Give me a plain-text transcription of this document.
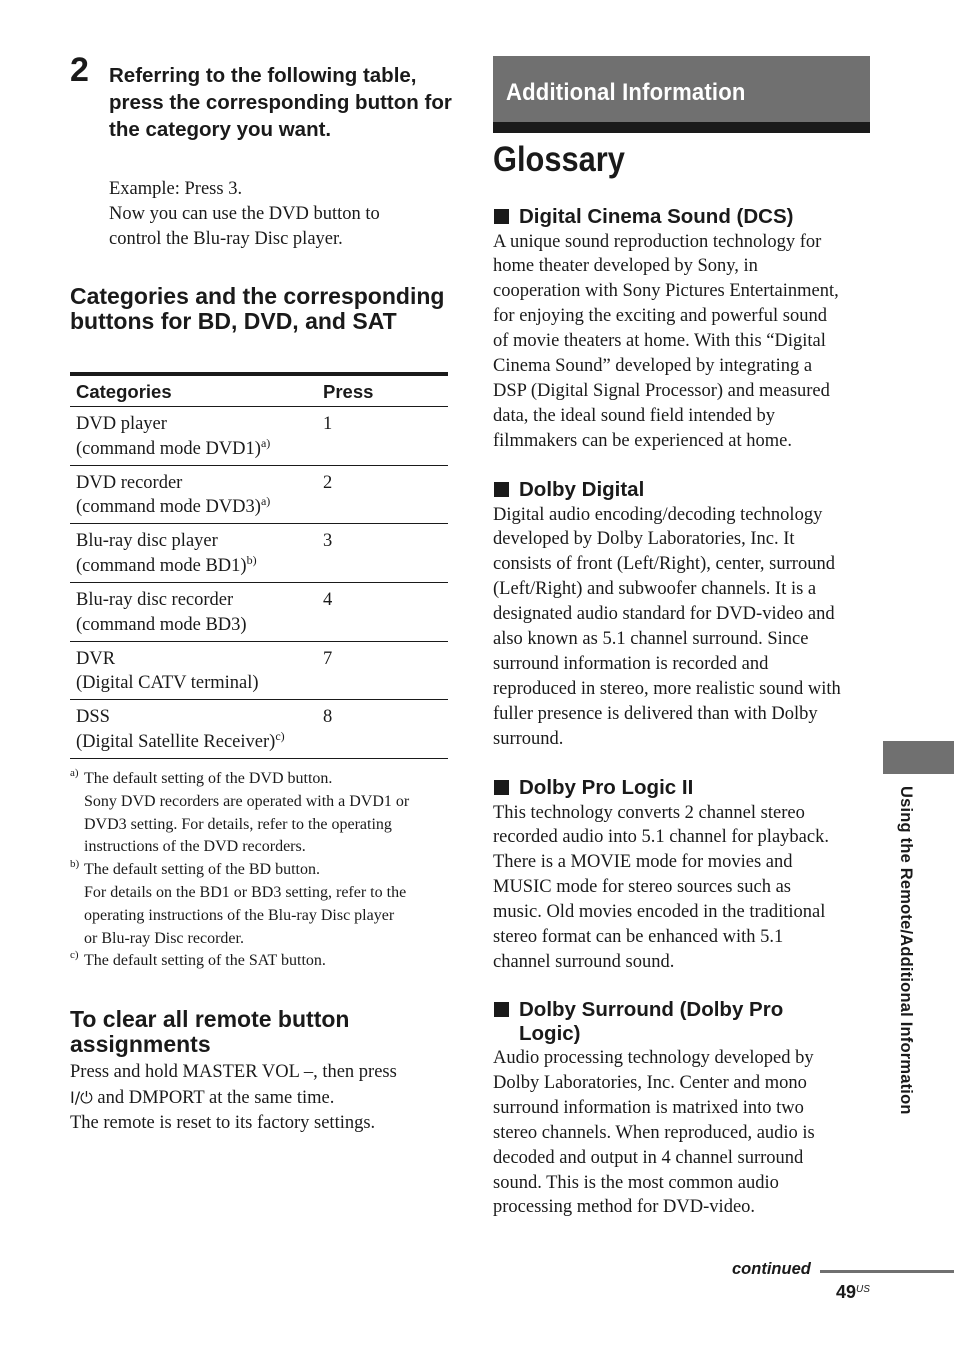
2 Referring to the following table, press the corresponding button for the category you want.
Example: Press 3.
Now you can use the DVD button to
control the Blu-ray Disc player.
Categories and the corresponding buttons for BD, DVD, and SAT
Categories	Press
DVD player
(command mode DVD1)$^{a)}$
1
DVD recorder
(command mode DVD3)$^{a)}$
2
Blu-ray disc player
(command mode BD1)$^{b)}$
3
Blu-ray disc recorder
(command mode BD3)
4
DVR
(Digital CATV terminal)
7
DSS
(Digital Satellite Receiver)$^{c)}$
8
a) The default setting of the DVD button.
Sony DVD recorders are operated with a DVD1 or
DVD3 setting. For details, refer to the operating
instructions of the DVD recorders.
b) The default setting of the BD button.
For details on the BD1 or BD3 setting, refer to the
operating instructions of the Blu-ray Disc player
or Blu-ray Disc recorder.
c) The default setting of the SAT button.
To clear all remote button assignments
Press and hold MASTER VOL –, then press
I/⏻ and DMPORT at the same time.
The remote is reset to its factory settings.
Additional Information
Glossary
Digital Cinema Sound (DCS)
A unique sound reproduction technology for
home theater developed by Sony, in
cooperation with Sony Pictures Entertainment,
for enjoying the exciting and powerful sound
of movie theaters at home. With this “Digital
Cinema Sound” developed by integrating a
DSP (Digital Signal Processor) and measured
data, the ideal sound field intended by
filmmakers can be experienced at home.
Dolby Digital
Digital audio encoding/decoding technology
developed by Dolby Laboratories, Inc. It
consists of front (Left/Right), center, surround
(Left/Right) and subwoofer channels. It is a
designated audio standard for DVD-video and
also known as 5.1 channel surround. Since
surround information is recorded and
reproduced in stereo, more realistic sound with
fuller presence is delivered than with Dolby
surround.
Dolby Pro Logic II
This technology converts 2 channel stereo
recorded audio into 5.1 channel for playback.
There is a MOVIE mode for movies and
MUSIC mode for stereo sources such as
music. Old movies encoded in the traditional
stereo format can be enhanced with 5.1
channel surround sound.
Dolby Surround (Dolby Pro
Logic)
Audio processing technology developed by
Dolby Laboratories, Inc. Center and mono
surround information is matrixed into two
stereo channels. When reproduced, audio is
decoded and output in 4 channel surround
sound. This is the most common audio
processing method for DVD-video.
Using the Remote/Additional Information
continued
$49^{US}$
